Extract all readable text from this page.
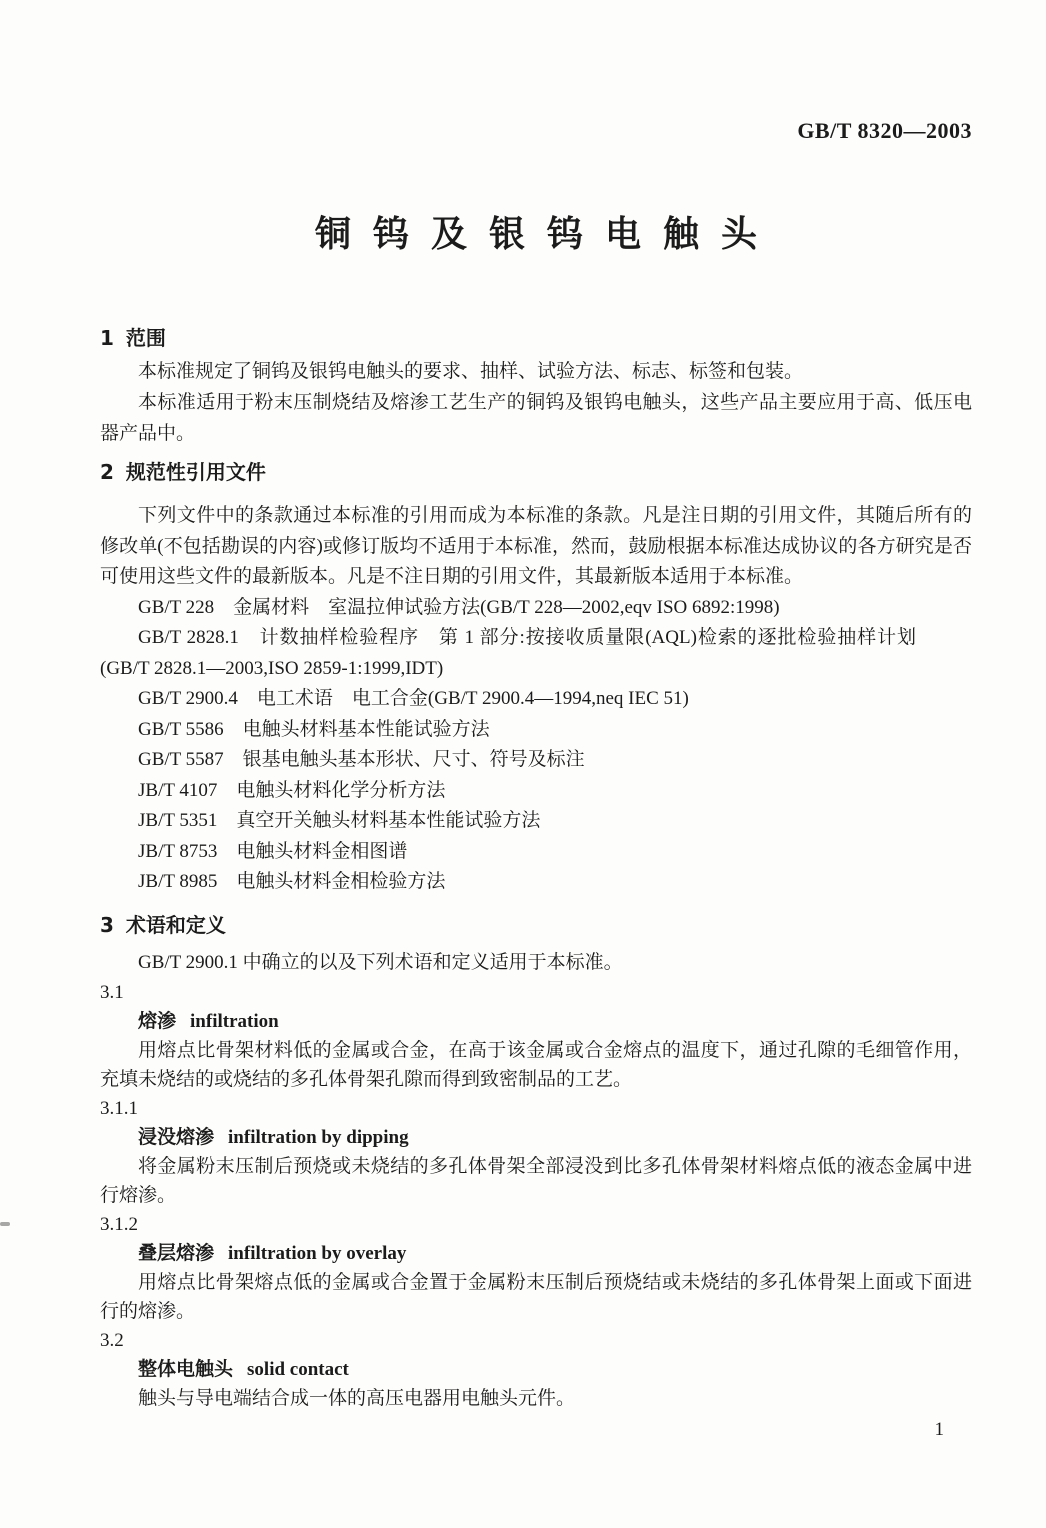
GB/T 8320—2003
铜钨及银钨电触头
1 范围

本标准规定了铜钨及银钨电触头的要求、抽样、试验方法、标志、标签和包装。

本标准适用于粉末压制烧结及熔渗工艺生产的铜钨及银钨电触头，这些产品主要应用于高、低压电器产品中。

2 规范性引用文件

下列文件中的条款通过本标准的引用而成为本标准的条款。凡是注日期的引用文件，其随后所有的修改单(不包括勘误的内容)或修订版均不适用于本标准，然而，鼓励根据本标准达成协议的各方研究是否可使用这些文件的最新版本。凡是不注日期的引用文件，其最新版本适用于本标准。

GB/T 228　金属材料　室温拉伸试验方法(GB/T 228—2002,eqv ISO 6892:1998)

GB/T 2828.1　计数抽样检验程序　第 1 部分:按接收质量限(AQL)检索的逐批检验抽样计划(GB/T 2828.1—2003,ISO 2859-1:1999,IDT)

GB/T 2900.4　电工术语　电工合金(GB/T 2900.4—1994,neq IEC 51)

GB/T 5586　电触头材料基本性能试验方法

GB/T 5587　银基电触头基本形状、尺寸、符号及标注

JB/T 4107　电触头材料化学分析方法

JB/T 5351　真空开关触头材料基本性能试验方法

JB/T 8753　电触头材料金相图谱

JB/T 8985　电触头材料金相检验方法

3 术语和定义

GB/T 2900.1 中确立的以及下列术语和定义适用于本标准。

3.1

熔渗 infiltration

用熔点比骨架材料低的金属或合金，在高于该金属或合金熔点的温度下，通过孔隙的毛细管作用，充填未烧结的或烧结的多孔体骨架孔隙而得到致密制品的工艺。

3.1.1

浸没熔渗 infiltration by dipping

将金属粉末压制后预烧或未烧结的多孔体骨架全部浸没到比多孔体骨架材料熔点低的液态金属中进行熔渗。

3.1.2

叠层熔渗 infiltration by overlay

用熔点比骨架熔点低的金属或合金置于金属粉末压制后预烧结或未烧结的多孔体骨架上面或下面进行的熔渗。

3.2

整体电触头 solid contact

触头与导电端结合成一体的高压电器用电触头元件。

1
